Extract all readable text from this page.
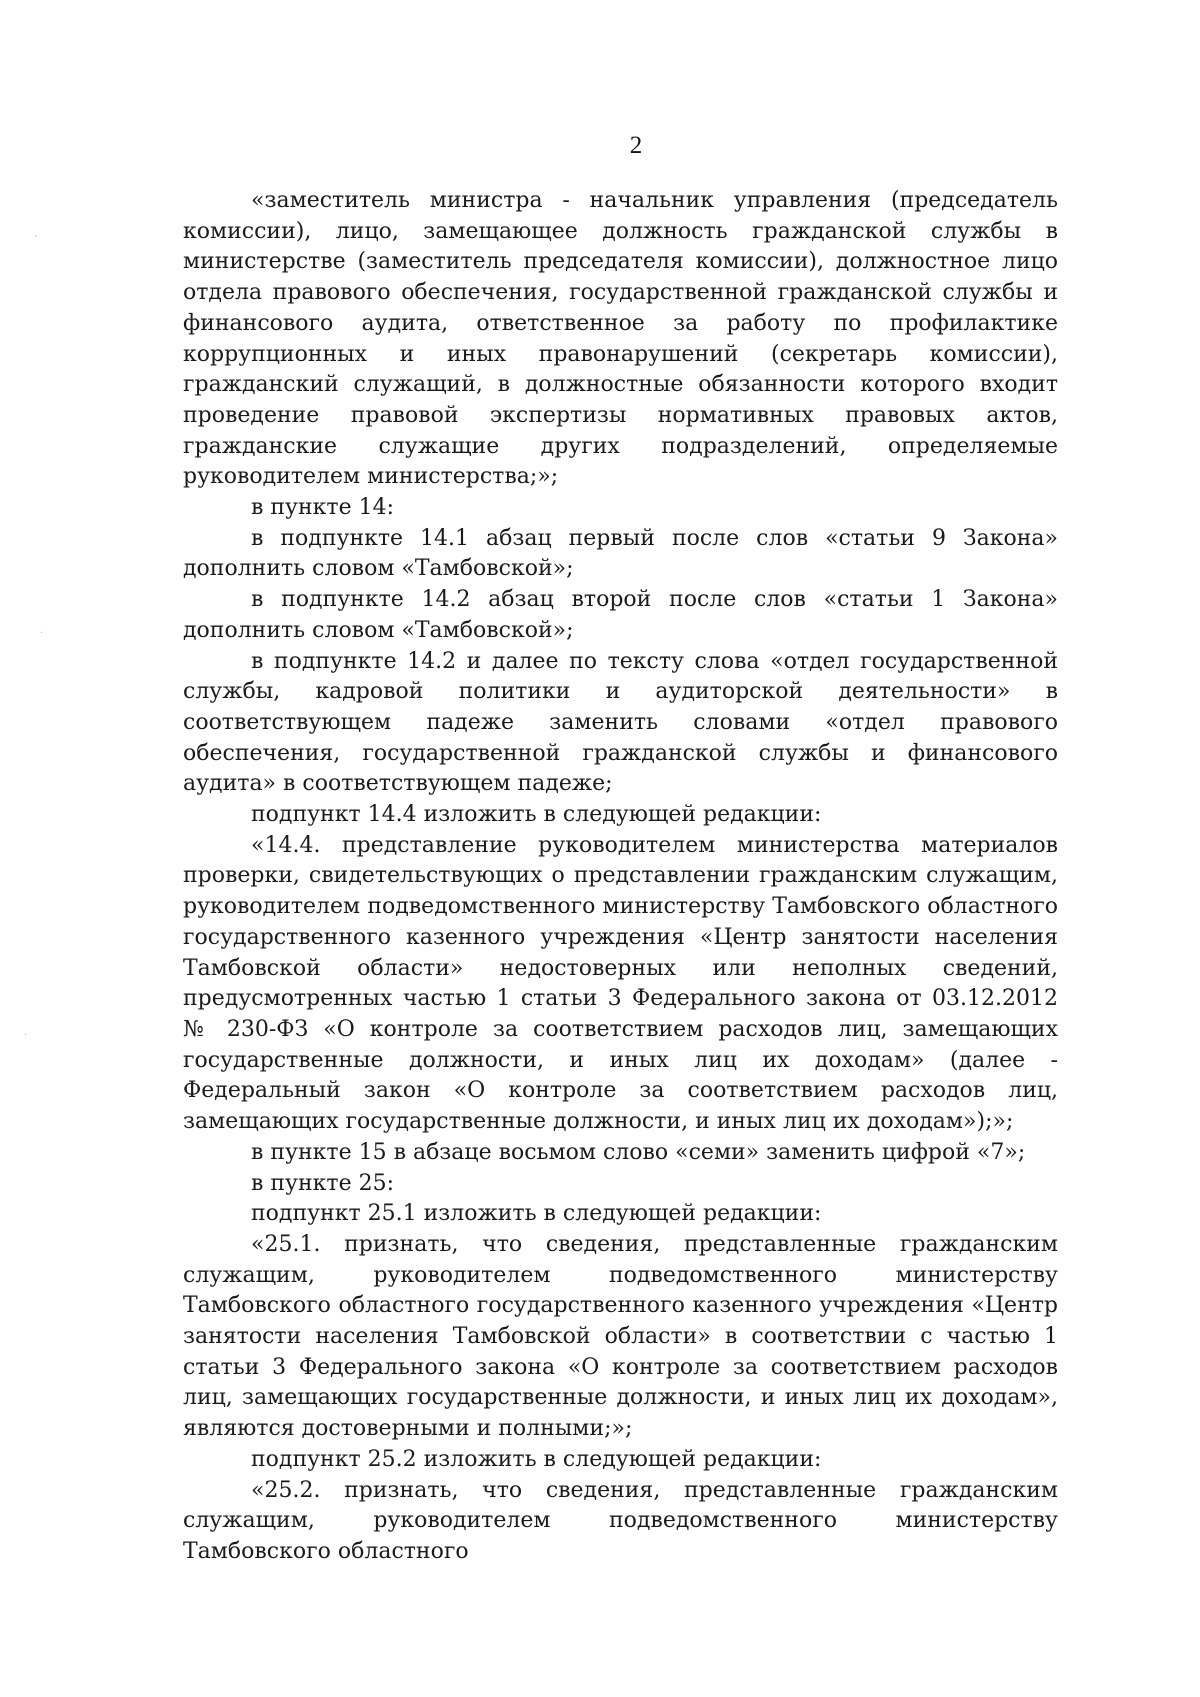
2

«заместитель министра - начальник управления (председатель комиссии), лицо, замещающее должность гражданской службы в министерстве (заместитель председателя комиссии), должностное лицо отдела правового обеспечения, государственной гражданской службы и финансового аудита, ответственное за работу по профилактике коррупционных и иных правонарушений (секретарь комиссии), гражданский служащий, в должностные обязанности которого входит проведение правовой экспертизы нормативных правовых актов, гражданские служащие других подразделений, определяемые руководителем министерства;»;

в пункте 14:

в подпункте 14.1 абзац первый после слов «статьи 9 Закона» дополнить словом «Тамбовской»;

в подпункте 14.2 абзац второй после слов «статьи 1 Закона» дополнить словом «Тамбовской»;

в подпункте 14.2 и далее по тексту слова «отдел государственной службы, кадровой политики и аудиторской деятельности» в соответствующем падеже заменить словами «отдел правового обеспечения, государственной гражданской службы и финансового аудита» в соответствующем падеже;

подпункт 14.4 изложить в следующей редакции:

«14.4. представление руководителем министерства материалов проверки, свидетельствующих о представлении гражданским служащим, руководителем подведомственного министерству Тамбовского областного государственного казенного учреждения «Центр занятости населения Тамбовской области» недостоверных или неполных сведений, предусмотренных частью 1 статьи 3 Федерального закона от 03.12.2012 № 230-ФЗ «О контроле за соответствием расходов лиц, замещающих государственные должности, и иных лиц их доходам» (далее - Федеральный закон «О контроле за соответствием расходов лиц, замещающих государственные должности, и иных лиц их доходам»);»;

в пункте 15 в абзаце восьмом слово «семи» заменить цифрой «7»;

в пункте 25:

подпункт 25.1 изложить в следующей редакции:

«25.1. признать, что сведения, представленные гражданским служащим, руководителем подведомственного министерству Тамбовского областного государственного казенного учреждения «Центр занятости населения Тамбовской области» в соответствии с частью 1 статьи 3 Федерального закона «О контроле за соответствием расходов лиц, замещающих государственные должности, и иных лиц их доходам», являются достоверными и полными;»;

подпункт 25.2 изложить в следующей редакции:

«25.2. признать, что сведения, представленные гражданским служащим, руководителем подведомственного министерству Тамбовского областного

·
·
·
